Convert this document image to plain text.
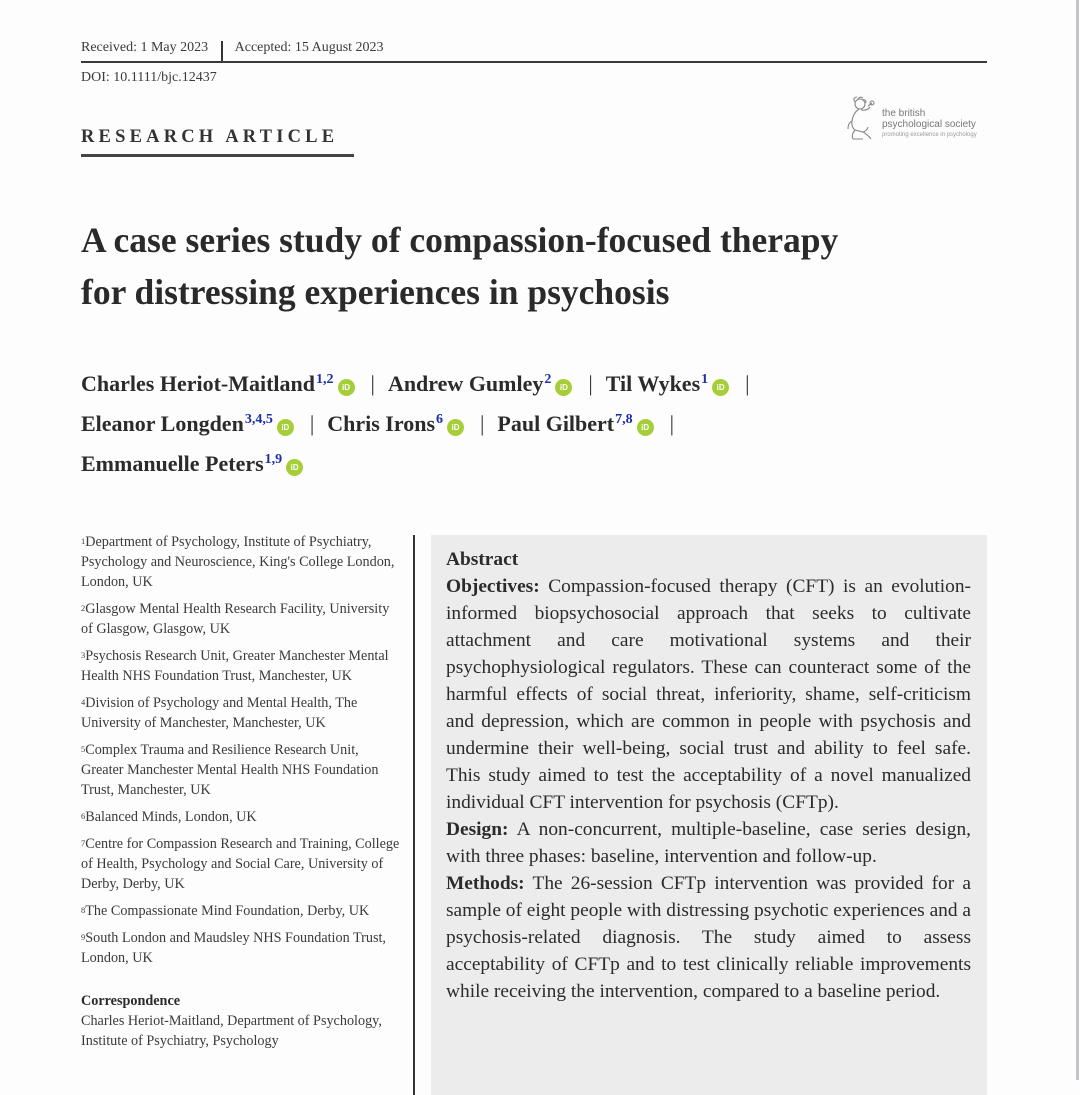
Received: 1 May 2023 Accepted: 15 August 2023
DOI: 10.1111/bjc.12437
RESEARCH ARTICLE
the british
psychological society
promoting excellence in psychology
A case series study of compassion-focused therapy
for distressing experiences in psychosis
Charles Heriot-Maitland$^{1,2}$iD | Andrew Gumley$^2$iD | Til Wykes$^1$iD |
Eleanor Longden$^{3,4,5}$iD | Chris Irons$^6$iD | Paul Gilbert$^{7,8}$iD |
Emmanuelle Peters$^{1,9}$iD
$^1$Department of Psychology, Institute of Psychiatry, Psychology and Neuroscience, King's College London, London, UK
$^2$Glasgow Mental Health Research Facility, University of Glasgow, Glasgow, UK
$^3$Psychosis Research Unit, Greater Manchester Mental Health NHS Foundation Trust, Manchester, UK
$^4$Division of Psychology and Mental Health, The University of Manchester, Manchester, UK
$^5$Complex Trauma and Resilience Research Unit, Greater Manchester Mental Health NHS Foundation Trust, Manchester, UK
$^6$Balanced Minds, London, UK
$^7$Centre for Compassion Research and Training, College of Health, Psychology and Social Care, University of Derby, Derby, UK
$^8$The Compassionate Mind Foundation, Derby, UK
$^9$South London and Maudsley NHS Foundation Trust, London, UK
Correspondence
Charles Heriot-Maitland, Department of Psychology, Institute of Psychiatry, Psychology
Abstract

Objectives: Compassion-focused therapy (CFT) is an evolution-informed biopsychosocial approach that seeks to cultivate attachment and care motivational systems and their psychophysiological regulators. These can counteract some of the harmful effects of social threat, inferiority, shame, self-criticism and depression, which are common in people with psychosis and undermine their well-being, social trust and ability to feel safe. This study aimed to test the acceptability of a novel manualized individual CFT intervention for psychosis (CFTp).

Design: A non-concurrent, multiple-baseline, case series design, with three phases: baseline, intervention and follow-up.

Methods: The 26-session CFTp intervention was provided for a sample of eight people with distressing psychotic experiences and a psychosis-related diagnosis. The study aimed to assess acceptability of CFTp and to test clinically reliable improvements while receiving the intervention, compared to a baseline period.
